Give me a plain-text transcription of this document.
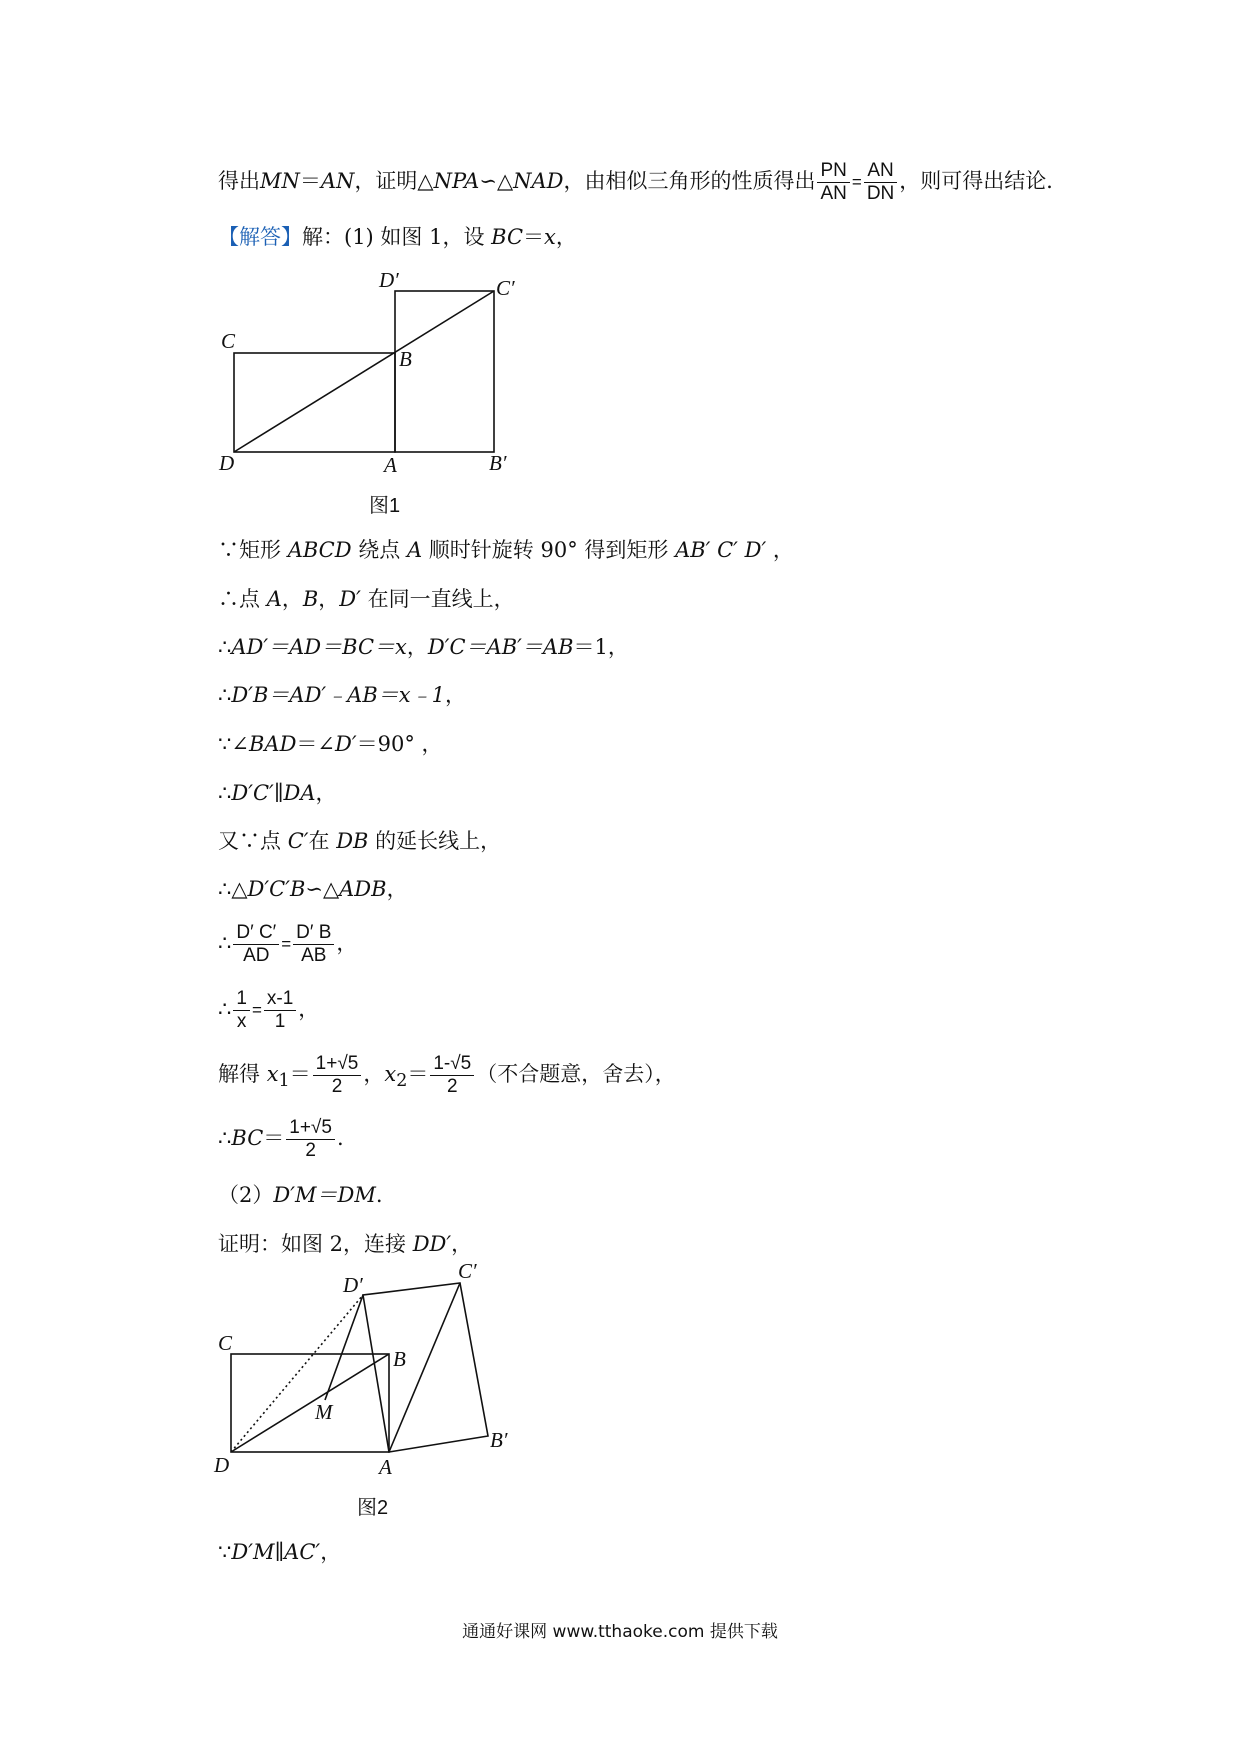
得出MN＝AN，证明△NPA∽△NAD，由相似三角形的性质得出 $\frac{PN}{AN} = \frac{AN}{DN}$ ，则可得出结论．
【解答】解：(1) 如图 1，设 BC＝x，
D′	C′
C
B
D	A	B′
图1
∵矩形 ABCD 绕点 A 顺时针旋转 90° 得到矩形 AB′ C′ D′ ，
∴点 A，B，D′ 在同一直线上，
∴AD′＝AD＝BC＝x，D′C＝AB′＝AB＝1，
∴D′B＝AD′﹣AB＝x﹣1，
∵∠BAD＝∠D′＝90° ，
∴D′C′∥DA，
又∵点 C′在 DB 的延长线上，
∴△D′C′B∽△ADB，
∴ $\frac{D' C'}{AD} = \frac{D' B}{AB}$ ，
∴ $\frac{1}{x} = \frac{x-1}{1}$ ，
解得 $x_1= \frac{1+√5}{2}$ ，$x_2= \frac{1-√5}{2}$ （不合题意，舍去），
∴BC＝ $\frac{1+√5}{2}$ .
（2）D′M＝DM.
证明：如图 2，连接 DD′，
D′
C′
C
B
M
D	A
B′
图2
∵D′M∥AC′，
通通好课网 www.tthaoke.com 提供下载
